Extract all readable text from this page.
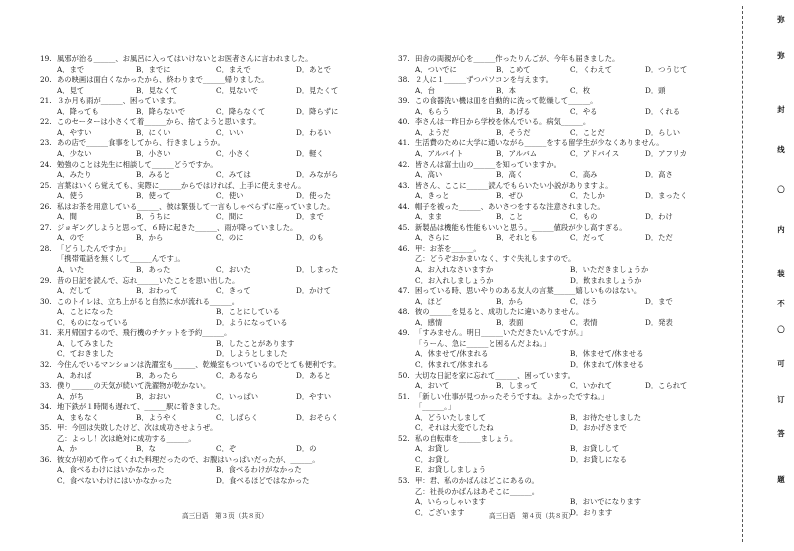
19. 風邪が治る______、お風呂に入ってはいけないとお医者さんに言われました。
A．まで	B．までに	C．まえで	D．あとで
20. あの映画は面白くなかったから、終わりまで______帰りました。
A．見て	B．見なくて	C．見ないで	D．見たくて
21. ３か月も雨が______、困っています。
A．降っても	B．降らないで	C．降らなくて	D．降らずに
22. このセーターは小さくて着______から、捨てようと思います。
A．やすい	B．にくい	C．いい	D．わるい
23. あの店で______食事をしてから、行きましょうか。
A．少ない	B．小さい	C．小さく	D．軽く
24. 勉強のことは先生に相談して______どうですか。
A．みたり	B．みると	C．みては	D．みながら
25. 言葉はいくら覚えても、実際に______からではければ、上手に使えません。
A．使う	B．使って	C．使い	D．使った
26. 私はお茶を用意している______、彼は緊張して一言もしゃべらずに座っていました。
A．間	B．うちに	C．間に	D．まで
27. ジョギングしようと思って、６時に起きた______、雨が降っていました。
A．ので	B．から	C．のに	D．のも
28. 「どうしたんですか」
「携帯電話を無くして______んです」。
A．いた	B．あった	C．おいた	D．しまった
29. 昔の日記を読んで、忘れ______いたことを思い出した。
A．だして	B．おわって	C．きって	D．かけて
30. このトイレは、立ち上がると自然に水が流れる______。
A．ことになった	B．ことにしている
C．ものになっている	D．ようになっている
31. 来月帰国するので、飛行機のチケットを予約______。
A．してみました	B．したことがあります
C．ておきました	D．しようとしました
32. 今住んでいるマンションは洗濯室も______、乾燥室もついているのでとても便利です。
A．あれば	B．あったら	C．あるなら	D．あると
33. 僕り______の天気が続いて洗濯物が乾かない。
A．がち	B．おおい	C．いっぱい	D．やすい
34. 地下鉄が１時間も遅れて、______駅に着きました。
A．まもなく	B．ようやく	C．しばらく	D．おそらく
35. 甲：今回は失敗したけど、次は成功させようぜ。
乙：よっし！次は絶対に成功する______。
A．か	B．な	C．ぞ	D．の
36. 彼女が初めて作ってくれた料理だったので、お腹はいっぱいだったが、______。
A．食べるわけにはいかなかった	B．食べるわけがなかった
C．食べないわけにはいかなかった	D．食べるほどではなかった
37. 田舎の両親が心を______作ったりんごが、今年も届きました。
A．ついでに	B．こめて	C．くわえて	D．つうじて
38. ２人に１______ずつパソコンを与えます。
A．台	B．本	C．枚	D．頭
39. この食器洗い機は皿を自動的に洗って乾燥して______。
A．もらう	B．あげる	C．やる	D．くれる
40. 李さんは一昨日から学校を休んでいる。病気______。
A．ようだ	B．そうだ	C．ことだ	D．らしい
41. 生活費のために大学に通いながら______をする留学生が少なくありません。
A．アルバイト	B．アルバム	C．アドバイス	D．アフリカ
42. 皆さんは富士山の______を知っていますか。
A．高い	B．高く	C．高み	D．高さ
43. 皆さん、ここに______読んでもらいたい小説がありますよ。
A．きっと	B．ぜひ	C．たしか	D．まったく
44. 帽子を被った______、あいさつをするな注意されました。
A．まま	B．こと	C．もの	D．わけ
45. 新製品は機能も性能もいいと思う。______値段が少し高すぎる。
A．さらに	B．それとも	C．だって	D．ただ
46. 甲：お茶を______。
乙：どうぞおかまいなく、すぐ失礼しますので。
A．お入れなさいますか	B．いただきましょうか
C．お入れしましょうか	D．飲まれましょうか
47. 困っている時、思いやりのある友人の言葉______嬉しいものはない。
A．ほど	B．から	C．ほう	D．まで
48. 彼の______を見ると、成功したに違いありません。
A．感情	B．表面	C．表情	D．発表
49. 「すみません。明日______いただきたいんですが。」
「うーん、急に______と困るんだよね。」
A．休ませて/休まれる	B．休ませて/休ませる
C．休まれて/休まれる	D．休まれて/休ませる
50. 大切な日記を家に忘れて______、困っています。
A．おいて	B．しまって	C．いかれて	D．こられて
51. 「新しい仕事が見つかったそうですね。よかったですね。」
「______。」
A．どういたしまして	B．お待たせしました
C．それは大変でしたね	D．おかげさまで
52. 私の自転車を______ましょう。
A．お貸し	B．お貸しして
C．お貸し	D．お貸しになる
E．お貸ししましょう
53. 甲：君、私のかばんはどこにあるの。
乙：社長のかばんはあそこに______。
A．いらっしゃいます	B．おいでになります
C．ございます	D．おります
高三日语　第３页（共８页）	高三日语　第４页（共８页）
弥
弥
封
线
〇
内
装
不
〇
可
订
答
题
